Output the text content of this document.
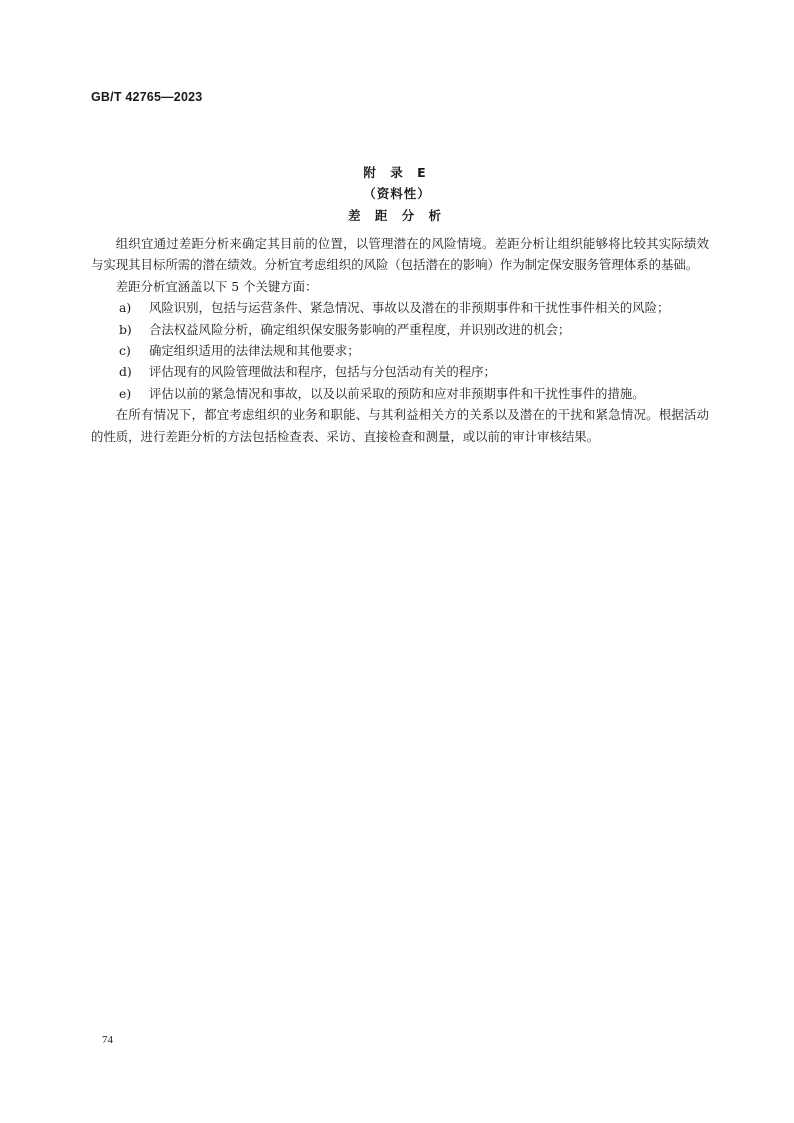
GB/T 42765—2023
附 录 E
（资料性）
差 距 分 析

组织宜通过差距分析来确定其目前的位置，以管理潜在的风险情境。差距分析让组织能够将比较其实际绩效与实现其目标所需的潜在绩效。分析宜考虑组织的风险（包括潜在的影响）作为制定保安服务管理体系的基础。

差距分析宜涵盖以下 5 个关键方面：

a)	风险识别，包括与运营条件、紧急情况、事故以及潜在的非预期事件和干扰性事件相关的风险；
b)	合法权益风险分析，确定组织保安服务影响的严重程度，并识别改进的机会；
c)	确定组织适用的法律法规和其他要求；
d)	评估现有的风险管理做法和程序，包括与分包活动有关的程序；
e)	评估以前的紧急情况和事故，以及以前采取的预防和应对非预期事件和干扰性事件的措施。

在所有情况下，都宜考虑组织的业务和职能、与其利益相关方的关系以及潜在的干扰和紧急情况。根据活动的性质，进行差距分析的方法包括检查表、采访、直接检查和测量，或以前的审计审核结果。

74
